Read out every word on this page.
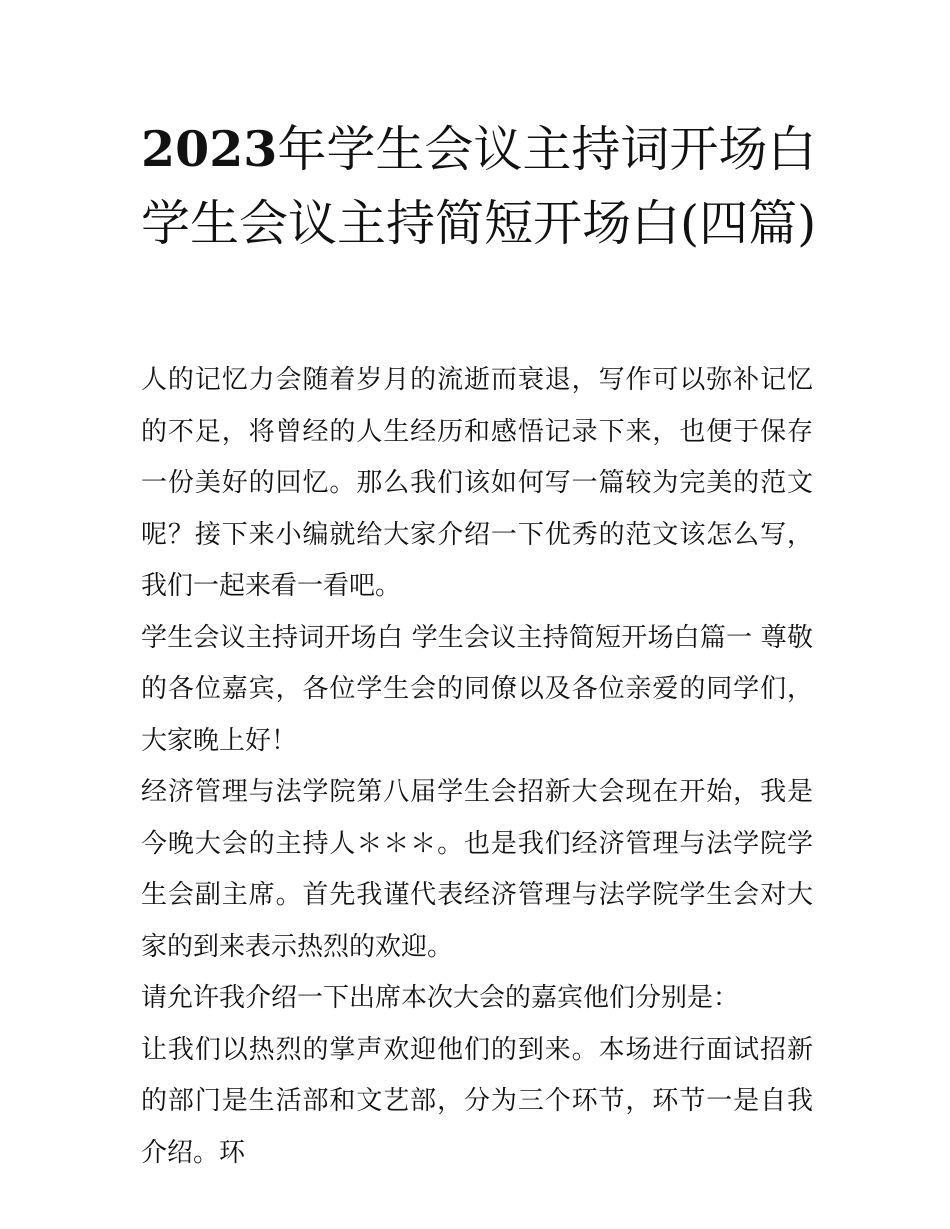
2023年学生会议主持词开场白学生会议主持简短开场白(四篇)

人的记忆力会随着岁月的流逝而衰退，写作可以弥补记忆的不足，将曾经的人生经历和感悟记录下来，也便于保存一份美好的回忆。那么我们该如何写一篇较为完美的范文呢？接下来小编就给大家介绍一下优秀的范文该怎么写，我们一起来看一看吧。

学生会议主持词开场白 学生会议主持简短开场白篇一 尊敬的各位嘉宾，各位学生会的同僚以及各位亲爱的同学们，大家晚上好！

经济管理与法学院第八届学生会招新大会现在开始，我是今晚大会的主持人＊＊＊。也是我们经济管理与法学院学生会副主席。首先我谨代表经济管理与法学院学生会对大家的到来表示热烈的欢迎。

请允许我介绍一下出席本次大会的嘉宾他们分别是：

让我们以热烈的掌声欢迎他们的到来。本场进行面试招新的部门是生活部和文艺部，分为三个环节，环节一是自我介绍。环
